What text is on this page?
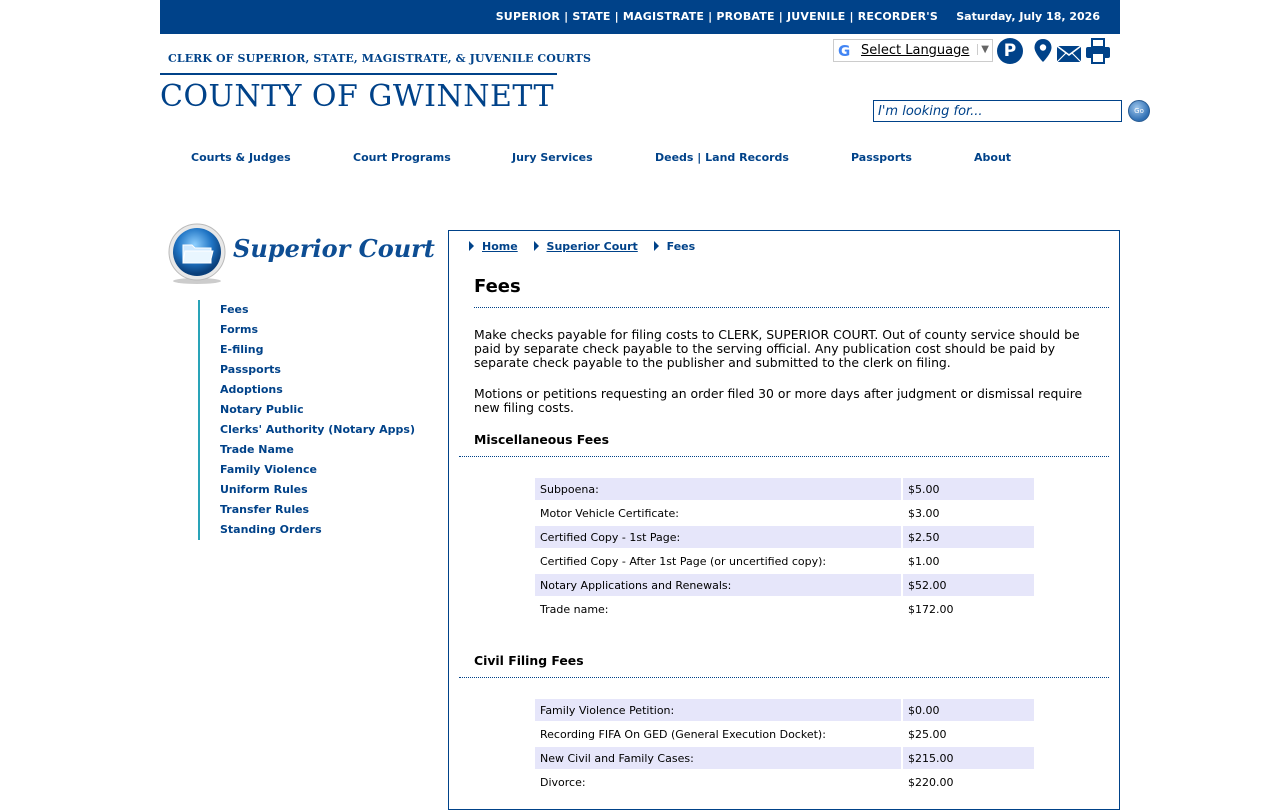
SUPERIOR | STATE | MAGISTRATE | PROBATE | JUVENILE | RECORDER'S Saturday, July 18, 2026
CLERK OF SUPERIOR, STATE, MAGISTRATE, & JUVENILE COURTS
COUNTY OF GWINNETT
G Select Language	▼ P
I'm looking for...
Go
Courts & Judges	Court Programs	Jury Services	Deeds | Land Records	Passports	About
Superior Court
Fees
Forms
E-filing
Passports
Adoptions
Notary Public
Clerks' Authority (Notary Apps)
Trade Name
Family Violence
Uniform Rules
Transfer Rules
Standing Orders
Home	Superior Court	Fees
Fees
Make checks payable for filing costs to CLERK, SUPERIOR COURT. Out of county service should be paid by separate check payable to the serving official. Any publication cost should be paid by separate check payable to the publisher and submitted to the clerk on filing.
Motions or petitions requesting an order filed 30 or more days after judgment or dismissal require new filing costs.
Miscellaneous Fees
Subpoena:	$5.00
Motor Vehicle Certificate:	$3.00
Certified Copy - 1st Page:	$2.50
Certified Copy - After 1st Page (or uncertified copy):	$1.00
Notary Applications and Renewals:	$52.00
Trade name:	$172.00
Civil Filing Fees
Family Violence Petition:	$0.00
Recording FIFA On GED (General Execution Docket):	$25.00
New Civil and Family Cases:	$215.00
Divorce:	$220.00
